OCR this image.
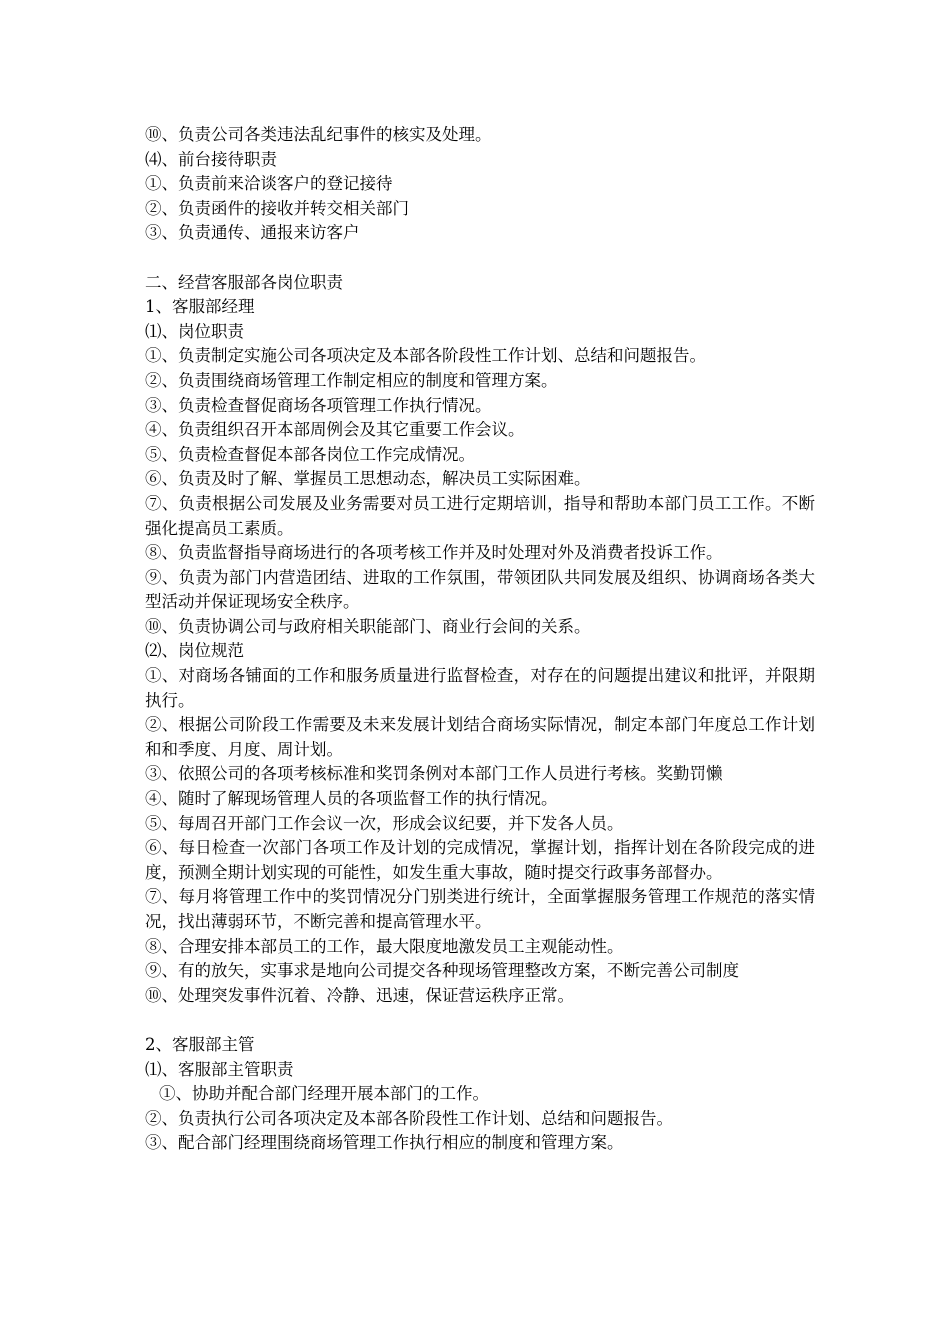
⑩、负责公司各类违法乱纪事件的核实及处理。
⑷、前台接待职责
①、负责前来洽谈客户的登记接待
②、负责函件的接收并转交相关部门
③、负责通传、通报来访客户
二、经营客服部各岗位职责
1、客服部经理
⑴、岗位职责
①、负责制定实施公司各项决定及本部各阶段性工作计划、总结和问题报告。
②、负责围绕商场管理工作制定相应的制度和管理方案。
③、负责检查督促商场各项管理工作执行情况。
④、负责组织召开本部周例会及其它重要工作会议。
⑤、负责检查督促本部各岗位工作完成情况。
⑥、负责及时了解、掌握员工思想动态，解决员工实际困难。
⑦、负责根据公司发展及业务需要对员工进行定期培训，指导和帮助本部门员工工作。不断强化提高员工素质。
⑧、负责监督指导商场进行的各项考核工作并及时处理对外及消费者投诉工作。
⑨、负责为部门内营造团结、进取的工作氛围，带领团队共同发展及组织、协调商场各类大型活动并保证现场安全秩序。
⑩、负责协调公司与政府相关职能部门、商业行会间的关系。
⑵、岗位规范
①、对商场各铺面的工作和服务质量进行监督检查，对存在的问题提出建议和批评，并限期执行。
②、根据公司阶段工作需要及未来发展计划结合商场实际情况，制定本部门年度总工作计划和和季度、月度、周计划。
③、依照公司的各项考核标准和奖罚条例对本部门工作人员进行考核。奖勤罚懒
④、随时了解现场管理人员的各项监督工作的执行情况。
⑤、每周召开部门工作会议一次，形成会议纪要，并下发各人员。
⑥、每日检查一次部门各项工作及计划的完成情况，掌握计划，指挥计划在各阶段完成的进度，预测全期计划实现的可能性，如发生重大事故，随时提交行政事务部督办。
⑦、每月将管理工作中的奖罚情况分门别类进行统计，全面掌握服务管理工作规范的落实情况，找出薄弱环节，不断完善和提高管理水平。
⑧、合理安排本部员工的工作，最大限度地激发员工主观能动性。
⑨、有的放矢，实事求是地向公司提交各种现场管理整改方案，不断完善公司制度
⑩、处理突发事件沉着、冷静、迅速，保证营运秩序正常。
2、客服部主管
⑴、客服部主管职责
①、协助并配合部门经理开展本部门的工作。
②、负责执行公司各项决定及本部各阶段性工作计划、总结和问题报告。
③、配合部门经理围绕商场管理工作执行相应的制度和管理方案。
